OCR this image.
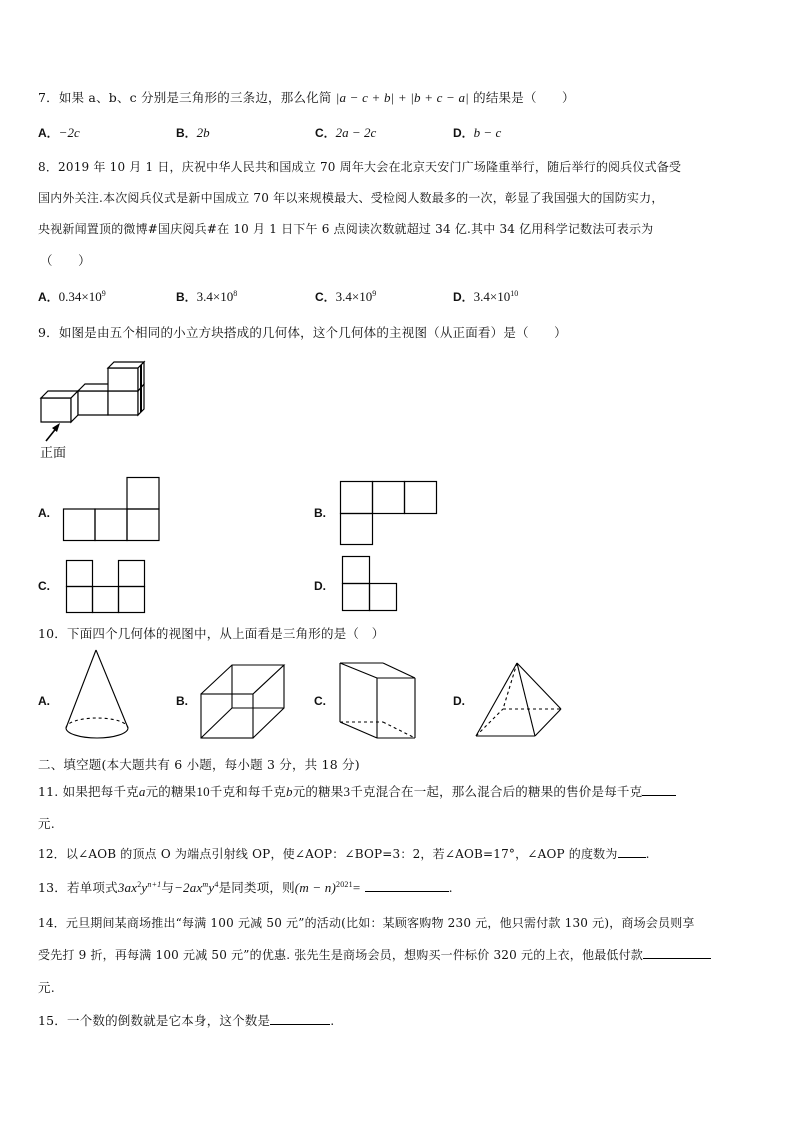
7．如果 a、b、c 分别是三角形的三条边，那么化简 |a − c + b| + |b + c − a| 的结果是（　　）
A．−2c	B．2b	C．2a − 2c	D．b − c
8．2019 年 10 月 1 日，庆祝中华人民共和国成立 70 周年大会在北京天安门广场隆重举行，随后举行的阅兵仪式备受
国内外关注.本次阅兵仪式是新中国成立 70 年以来规模最大、受检阅人数最多的一次，彰显了我国强大的国防实力，
央视新闻置顶的微博#国庆阅兵#在 10 月 1 日下午 6 点阅读次数就超过 34 亿.其中 34 亿用科学记数法可表示为
（　　）
A．$0.34\times 10^9$	B．$3.4\times 10^8$	C．$3.4\times 10^9$	D．$3.4\times 10^{10}$
9．如图是由五个相同的小立方块搭成的几何体，这个几何体的主视图（从正面看）是（　　）
正面
A.	B.
C.	D.
10．下面四个几何体的视图中，从上面看是三角形的是（　）
A.	B.	C.	D.
二、填空题(本大题共有 6 小题，每小题 3 分，共 18 分)
11. 如果把每千克a元的糖果10千克和每千克b元的糖果3千克混合在一起，那么混合后的糖果的售价是每千克
元.
12．以∠AOB 的顶点 O 为端点引射线 OP，使∠AOP：∠BOP=3：2，若∠AOB=17°，∠AOP 的度数为 .
13．若单项式$3ax^2y^{n+1}$与$-2ax^my^4$是同类项，则$(m - n)^{2021}=$	.
14．元旦期间某商场推出“每满 100 元减 50 元”的活动(比如：某顾客购物 230 元，他只需付款 130 元)，商场会员则享
受先打 9 折，再每满 100 元减 50 元”的优惠. 张先生是商场会员，想购买一件标价 320 元的上衣，他最低付款
元.
15．一个数的倒数就是它本身，这个数是	.
